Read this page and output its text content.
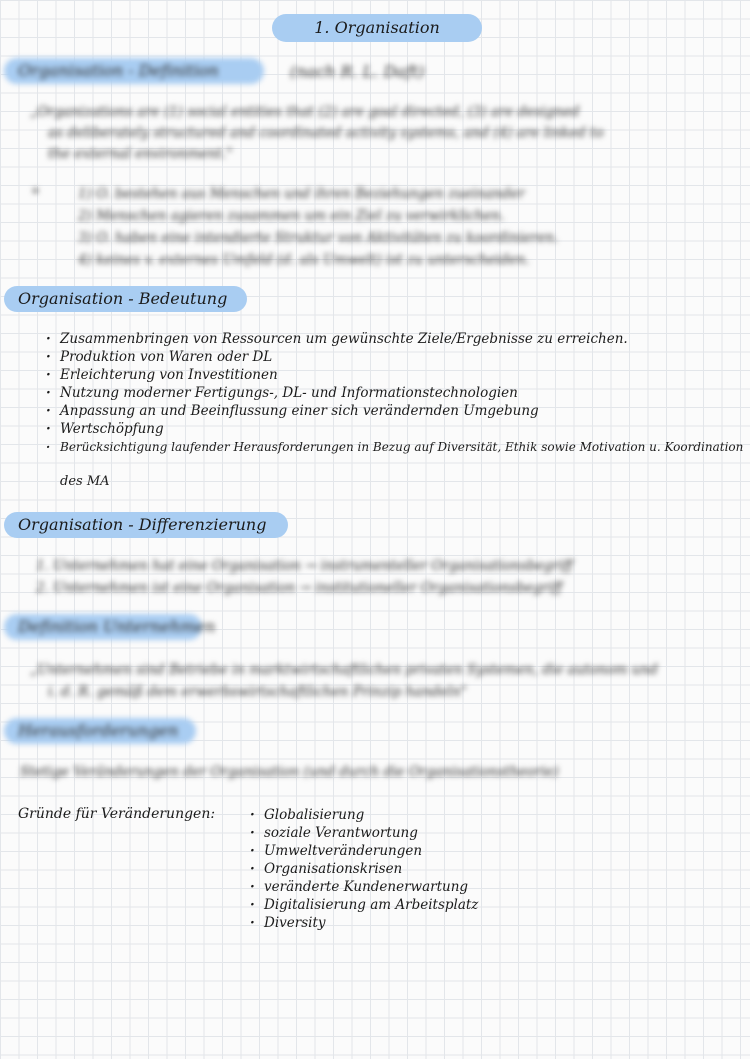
1. Organisation
Organisation - Definition	(nach R. L. Daft)
„Organizations are (1) social entities that (2) are goal directed, (3) are designed
as deliberately structured and coordinated activity systems, and (4) are linked to
the external environment."
*	1) O. bestehen aus Menschen und ihren Beziehungen zueinander
2) Menschen agieren zusammen um ein Ziel zu verwirklichen.
3) O. haben eine intendierte Struktur von Aktivitäten zu koordinieren.
4) keines v. externes Umfeld (d. als Umwelt) ist zu unterscheiden.
Organisation - Bedeutung
· Zusammenbringen von Ressourcen um gewünschte Ziele/Ergebnisse zu erreichen.
· Produktion von Waren oder DL
· Erleichterung von Investitionen
· Nutzung moderner Fertigungs-, DL- und Informationstechnologien
· Anpassung an und Beeinflussung einer sich verändernden Umgebung
· Wertschöpfung
· Berücksichtigung laufender Herausforderungen in Bezug auf Diversität, Ethik sowie Motivation u. Koordination
des MA
Organisation - Differenzierung
1. Unternehmen hat eine Organisation → instrumenteller Organisationsbegriff
2. Unternehmen ist eine Organisation → institutioneller Organisationsbegriff
Definition Unternehmen
„Unternehmen sind Betriebe in marktwirtschaftlichen privaten Systemen, die autonom und
i. d. R. gemäß dem erwerbswirtschaftlichen Prinzip handeln"
Herausforderungen
Stetige Veränderungen der Organisation (und durch die Organisationstheorie)
Gründe für Veränderungen:
·	Globalisierung
· soziale Verantwortung
· Umweltveränderungen
· Organisationskrisen
· veränderte Kundenerwartung
· Digitalisierung am Arbeitsplatz
· Diversity
